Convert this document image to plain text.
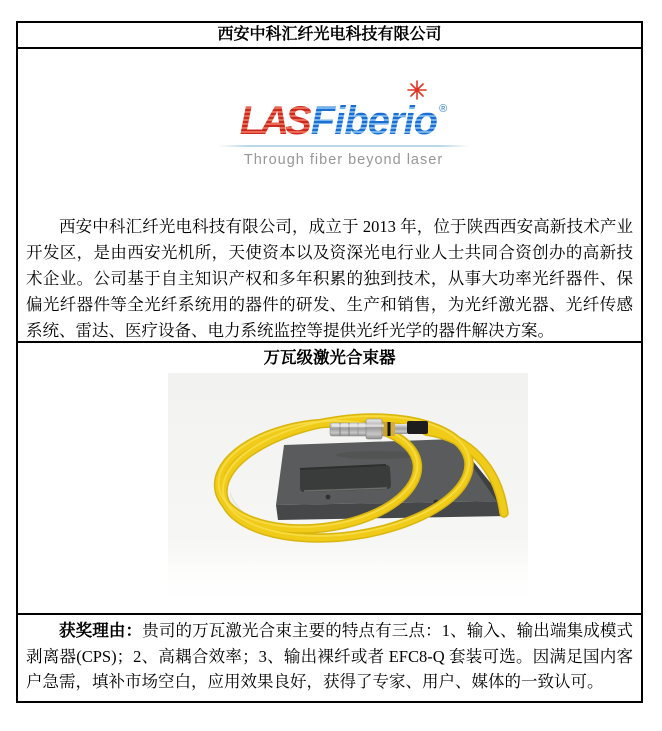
西安中科汇纤光电科技有限公司
LASFiberio ®
Through fiber beyond laser

西安中科汇纤光电科技有限公司，成立于 2013 年，位于陕西西安高新技术产业开发区，是由西安光机所，天使资本以及资深光电行业人士共同合资创办的高新技术企业。公司基于自主知识产权和多年积累的独到技术，从事大功率光纤器件、保偏光纤器件等全光纤系统用的器件的研发、生产和销售，为光纤激光器、光纤传感系统、雷达、医疗设备、电力系统监控等提供光纤光学的器件解决方案。

万瓦级激光合束器

获奖理由：贵司的万瓦激光合束主要的特点有三点：1、输入、输出端集成模式剥离器(CPS)；2、高耦合效率；3、输出裸纤或者 EFC8-Q 套装可选。因满足国内客户急需，填补市场空白，应用效果良好，获得了专家、用户、媒体的一致认可。
